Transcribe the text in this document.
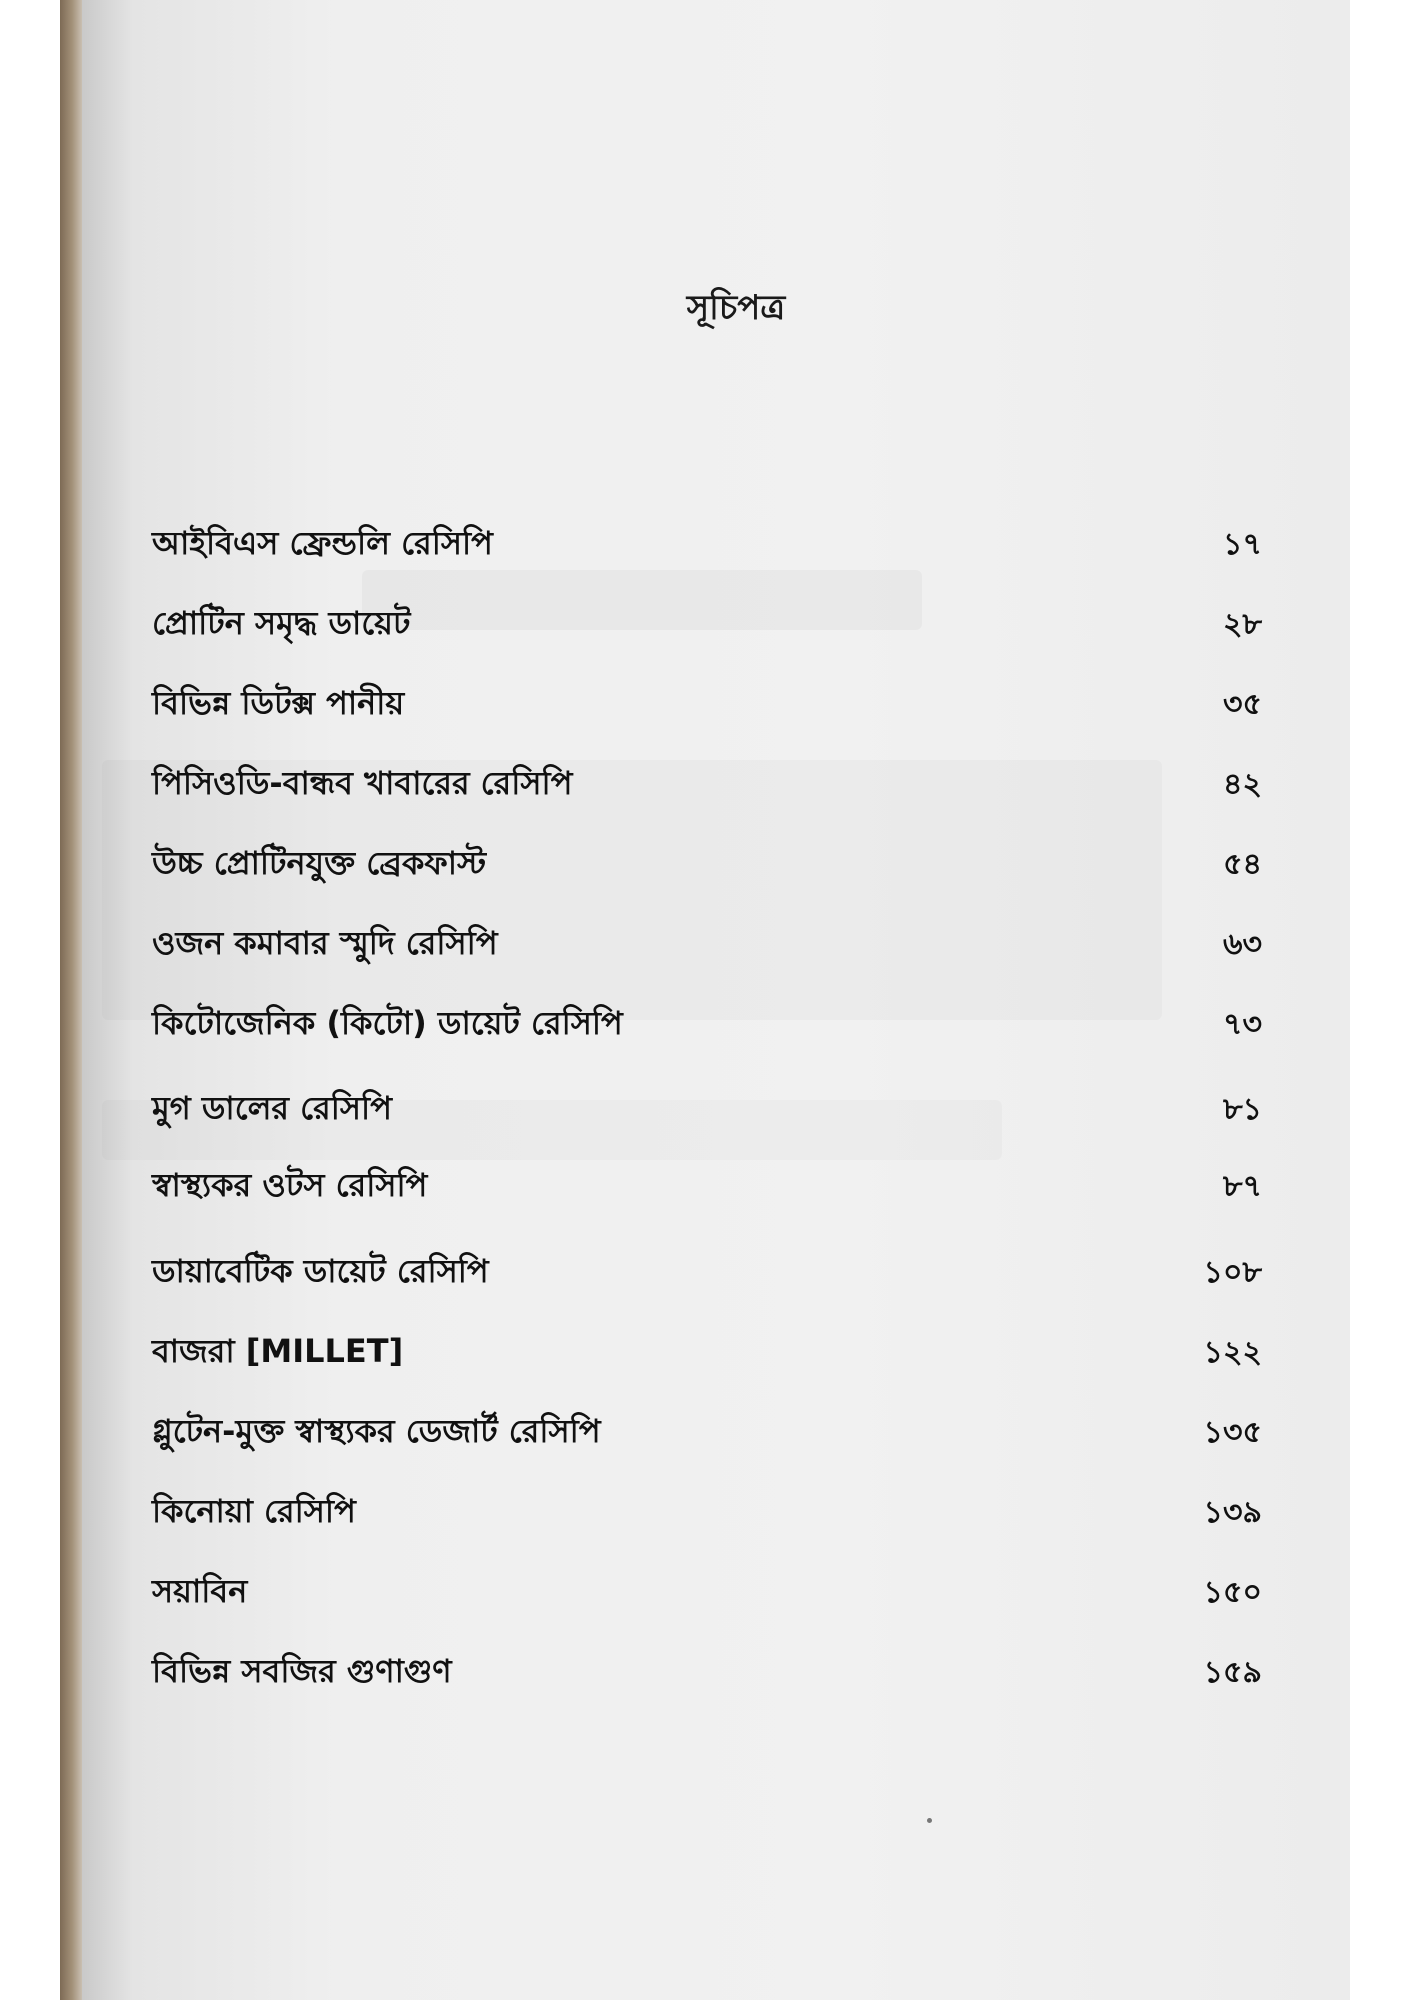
সূচিপত্র
আইবিএস ফ্রেন্ডলি রেসিপি	১৭
প্রোটিন সমৃদ্ধ ডায়েট	২৮
বিভিন্ন ডিটক্স পানীয়	৩৫
পিসিওডি-বান্ধব খাবারের রেসিপি	৪২
উচ্চ প্রোটিনযুক্ত ব্রেকফাস্ট	৫৪
ওজন কমাবার স্মুদি রেসিপি	৬৩
কিটোজেনিক (কিটো) ডায়েট রেসিপি	৭৩
মুগ ডালের রেসিপি	৮১
স্বাস্থ্যকর ওটস রেসিপি	৮৭
ডায়াবেটিক ডায়েট রেসিপি	১০৮
বাজরা [MILLET]	১২২
গ্লুটেন-মুক্ত স্বাস্থ্যকর ডেজার্ট রেসিপি	১৩৫
কিনোয়া রেসিপি	১৩৯
সয়াবিন	১৫০
বিভিন্ন সবজির গুণাগুণ	১৫৯
